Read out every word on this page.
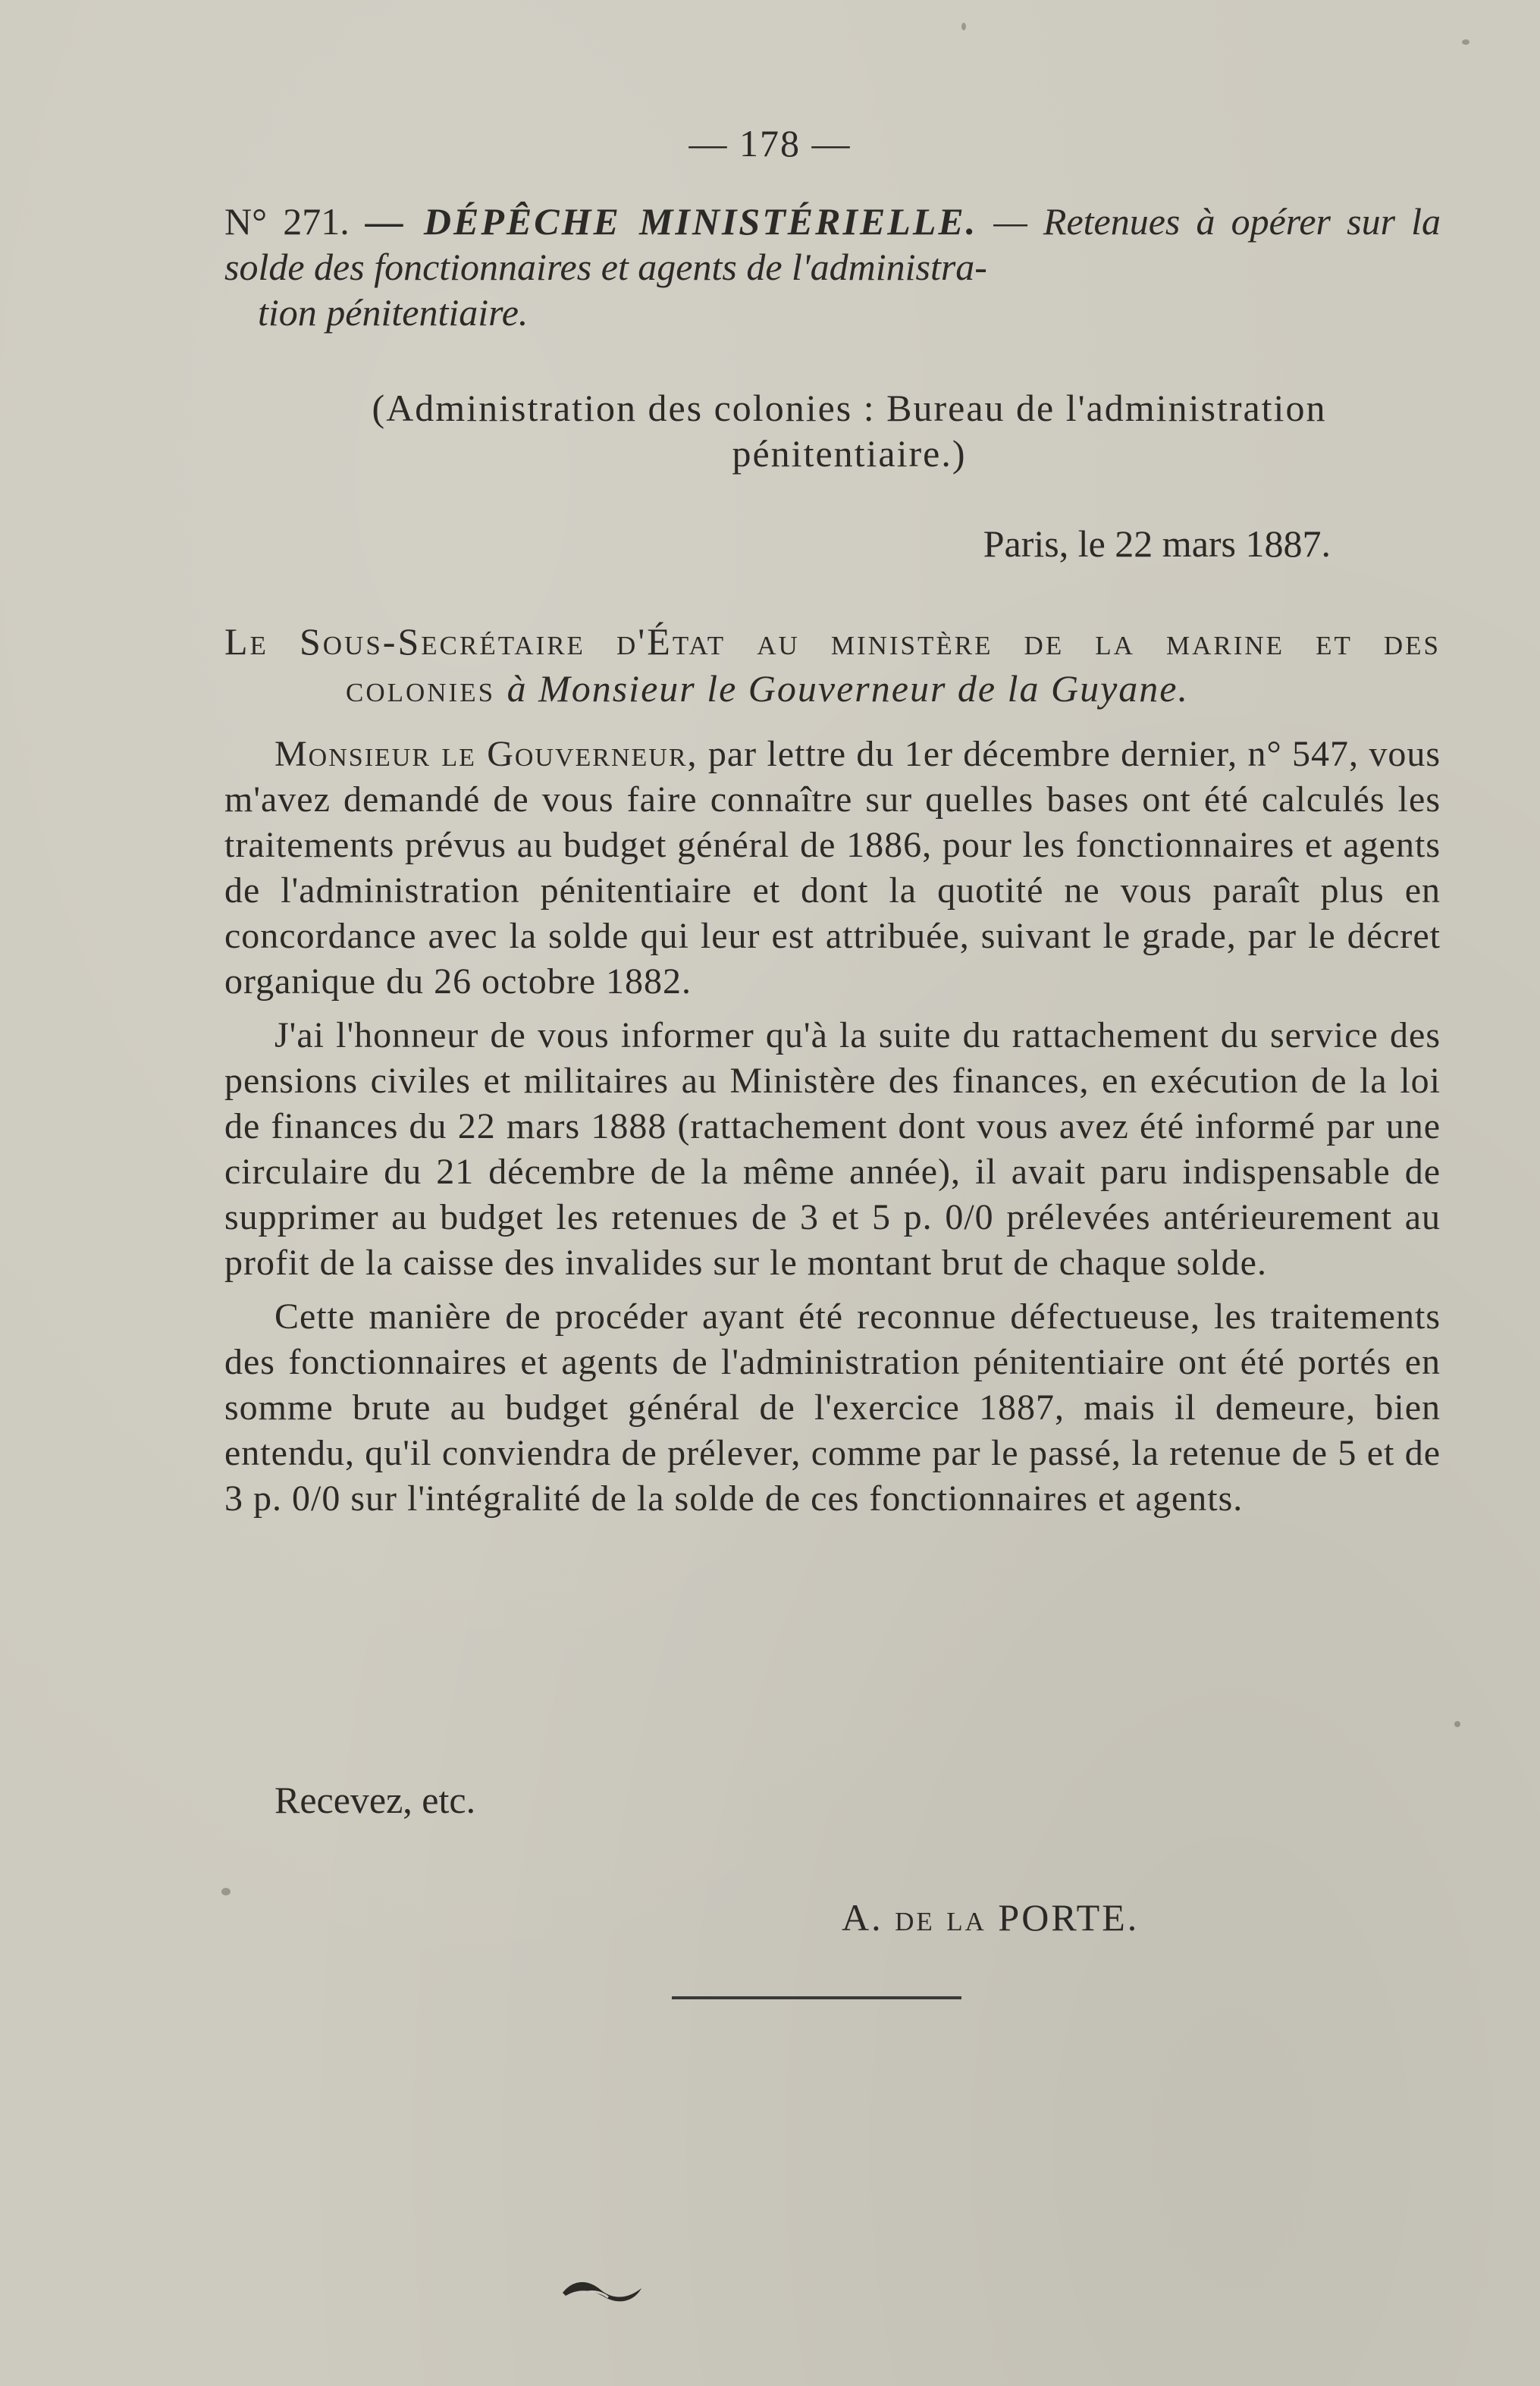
— 178 —
N° 271. — DÉPÊCHE MINISTÉRIELLE. — Retenues à opérer sur la solde des fonctionnaires et agents de l'administra-
tion pénitentiaire.
(Administration des colonies : Bureau de l'administration
pénitentiaire.)
Paris, le 22 mars 1887.
Le Sous-Secrétaire d'État au ministère de la marine et des
colonies à Monsieur le Gouverneur de la Guyane.

Monsieur le Gouverneur, par lettre du 1er décembre dernier, n° 547, vous m'avez demandé de vous faire connaître sur quelles bases ont été calculés les traitements prévus au budget général de 1886, pour les fonctionnaires et agents de l'administration pénitentiaire et dont la quotité ne vous paraît plus en concordance avec la solde qui leur est attribuée, suivant le grade, par le décret organique du 26 octobre 1882.

J'ai l'honneur de vous informer qu'à la suite du rattachement du service des pensions civiles et militaires au Ministère des finances, en exécution de la loi de finances du 22 mars 1888 (rattachement dont vous avez été informé par une circulaire du 21 décembre de la même année), il avait paru indispensable de supprimer au budget les retenues de 3 et 5 p. 0/0 prélevées antérieurement au profit de la caisse des invalides sur le montant brut de chaque solde.

Cette manière de procéder ayant été reconnue défectueuse, les traitements des fonctionnaires et agents de l'administration pénitentiaire ont été portés en somme brute au budget général de l'exercice 1887, mais il demeure, bien entendu, qu'il conviendra de prélever, comme par le passé, la retenue de 5 et de 3 p. 0/0 sur l'intégralité de la solde de ces fonctionnaires et agents.

Recevez, etc.
A. de la PORTE.
